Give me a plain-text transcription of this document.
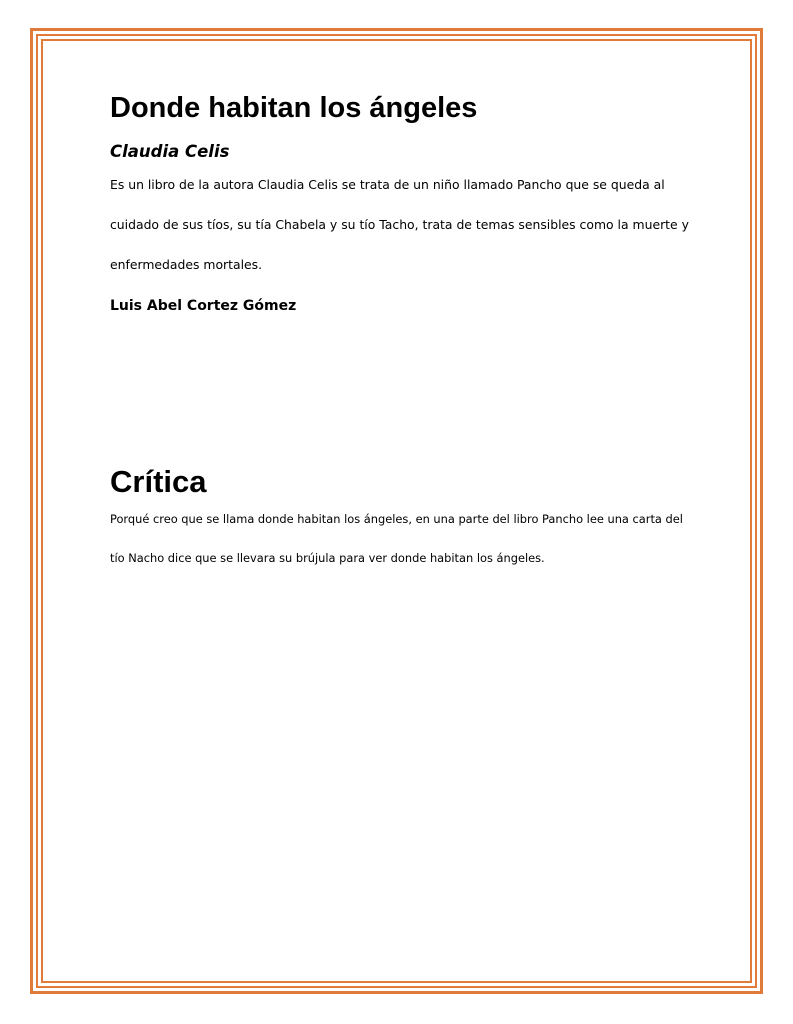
Donde habitan los ángeles
Claudia Celis

Es un libro de la autora Claudia Celis se trata de un niño llamado Pancho que se queda al cuidado de sus tíos, su tía Chabela y su tío Tacho, trata de temas sensibles como la muerte y enfermedades mortales.

Luis Abel Cortez Gómez
Crítica

Porqué creo que se llama donde habitan los ángeles, en una parte del libro Pancho lee una carta del tío Nacho dice que se llevara su brújula para ver donde habitan los ángeles.
